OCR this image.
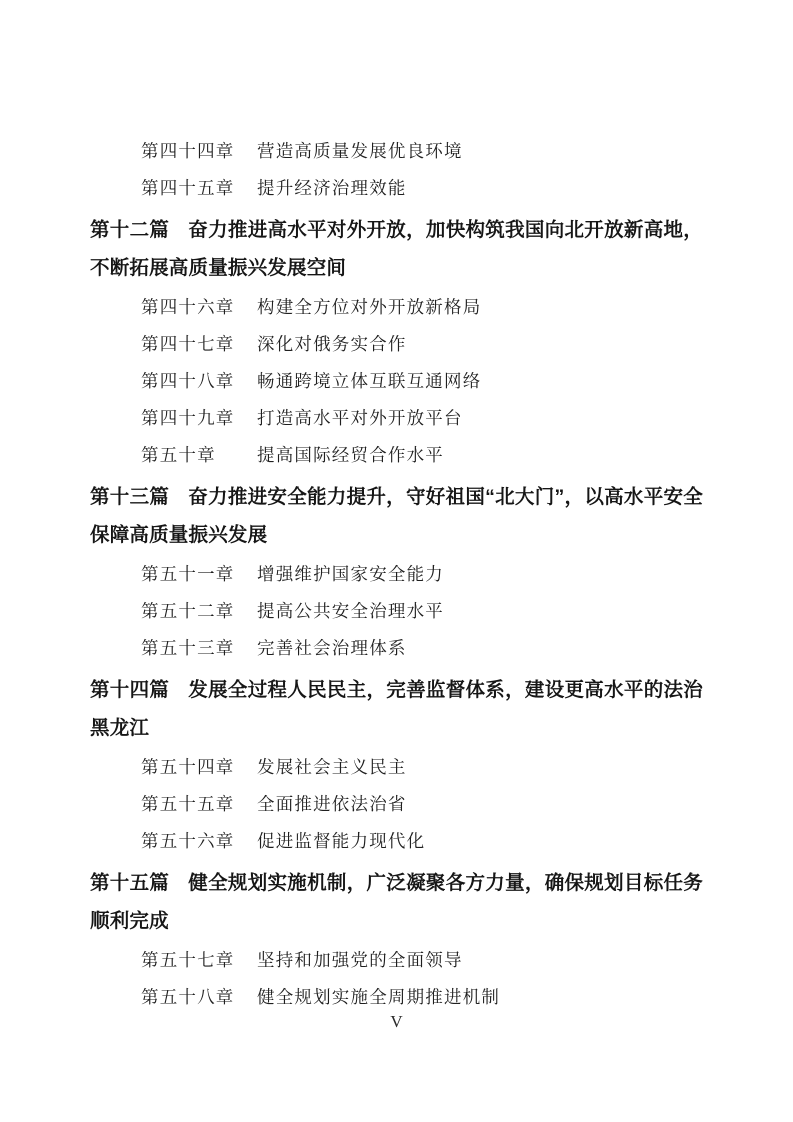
第四十四章 营造高质量发展优良环境

第四十五章 提升经济治理效能

第十二篇 奋力推进高水平对外开放，加快构筑我国向北开放新高地，不断拓展高质量振兴发展空间

第四十六章 构建全方位对外开放新格局

第四十七章 深化对俄务实合作

第四十八章 畅通跨境立体互联互通网络

第四十九章 打造高水平对外开放平台

第五十章 提高国际经贸合作水平

第十三篇 奋力推进安全能力提升，守好祖国“北大门”，以高水平安全保障高质量振兴发展

第五十一章 增强维护国家安全能力

第五十二章 提高公共安全治理水平

第五十三章 完善社会治理体系

第十四篇 发展全过程人民民主，完善监督体系，建设更高水平的法治黑龙江

第五十四章 发展社会主义民主

第五十五章 全面推进依法治省

第五十六章 促进监督能力现代化

第十五篇 健全规划实施机制，广泛凝聚各方力量，确保规划目标任务顺利完成

第五十七章 坚持和加强党的全面领导

第五十八章 健全规划实施全周期推进机制

V
